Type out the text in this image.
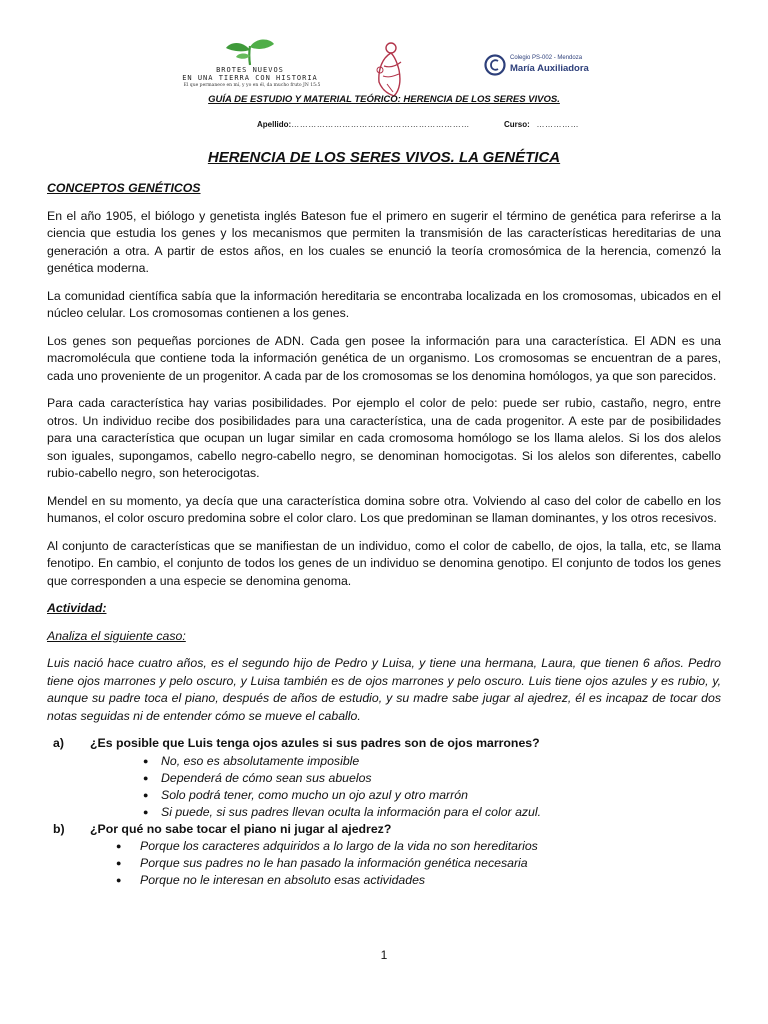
BROTES NUEVOS
EN UNA TIERRA CON HISTORIA
El que permanece en mí, y yo en él, da mucho fruto JN 15:5
Colegio PS-002 - Mendoza
María Auxiliadora
GUÍA DE ESTUDIO Y MATERIAL TEÓRICO: HERENCIA DE LOS SERES VIVOS.
Apellido:………………………………………………………	Curso: ……………
HERENCIA DE LOS SERES VIVOS. LA GENÉTICA
CONCEPTOS GENÉTICOS

En el año 1905, el biólogo y genetista inglés Bateson fue el primero en sugerir el término de genética para referirse a la ciencia que estudia los genes y los mecanismos que permiten la transmisión de las características hereditarias de una generación a otra. A partir de estos años, en los cuales se enunció la teoría cromosómica de la herencia, comenzó la genética moderna.

La comunidad científica sabía que la información hereditaria se encontraba localizada en los cromosomas, ubicados en el núcleo celular. Los cromosomas contienen a los genes.

Los genes son pequeñas porciones de ADN. Cada gen posee la información para una característica. El ADN es una macromolécula que contiene toda la información genética de un organismo. Los cromosomas se encuentran de a pares, cada uno proveniente de un progenitor. A cada par de los cromosomas se los denomina homólogos, ya que son parecidos.

Para cada característica hay varias posibilidades. Por ejemplo el color de pelo: puede ser rubio, castaño, negro, entre otros. Un individuo recibe dos posibilidades para una característica, una de cada progenitor. A este par de posibilidades para una característica que ocupan un lugar similar en cada cromosoma homólogo se los llama alelos. Si los dos alelos son iguales, supongamos, cabello negro-cabello negro, se denominan homocigotas. Si los alelos son diferentes, cabello rubio-cabello negro, son heterocigotas.

Mendel en su momento, ya decía que una característica domina sobre otra. Volviendo al caso del color de cabello en los humanos, el color oscuro predomina sobre el color claro. Los que predominan se llaman dominantes, y los otros recesivos.

Al conjunto de características que se manifiestan de un individuo, como el color de cabello, de ojos, la talla, etc, se llama fenotipo. En cambio, el conjunto de todos los genes de un individuo se denomina genotipo. El conjunto de todos los genes que corresponden a una especie se denomina genoma.

Actividad:
Analiza el siguiente caso:

Luis nació hace cuatro años, es el segundo hijo de Pedro y Luisa, y tiene una hermana, Laura, que tienen 6 años. Pedro tiene ojos marrones y pelo oscuro, y Luisa también es de ojos marrones y pelo oscuro. Luis tiene ojos azules y es rubio, y, aunque su padre toca el piano, después de años de estudio, y su madre sabe jugar al ajedrez, él es incapaz de tocar dos notas seguidas ni de entender cómo se mueve el caballo.

a)	¿Es posible que Luis tenga ojos azules si sus padres son de ojos marrones?
● No, eso es absolutamente imposible
● Dependerá de cómo sean sus abuelos
● Solo podrá tener, como mucho un ojo azul y otro marrón
● Si puede, si sus padres llevan oculta la información para el color azul.
b)	¿Por qué no sabe tocar el piano ni jugar al ajedrez?
● Porque los caracteres adquiridos a lo largo de la vida no son hereditarios
● Porque sus padres no le han pasado la información genética necesaria
● Porque no le interesan en absoluto esas actividades
1
